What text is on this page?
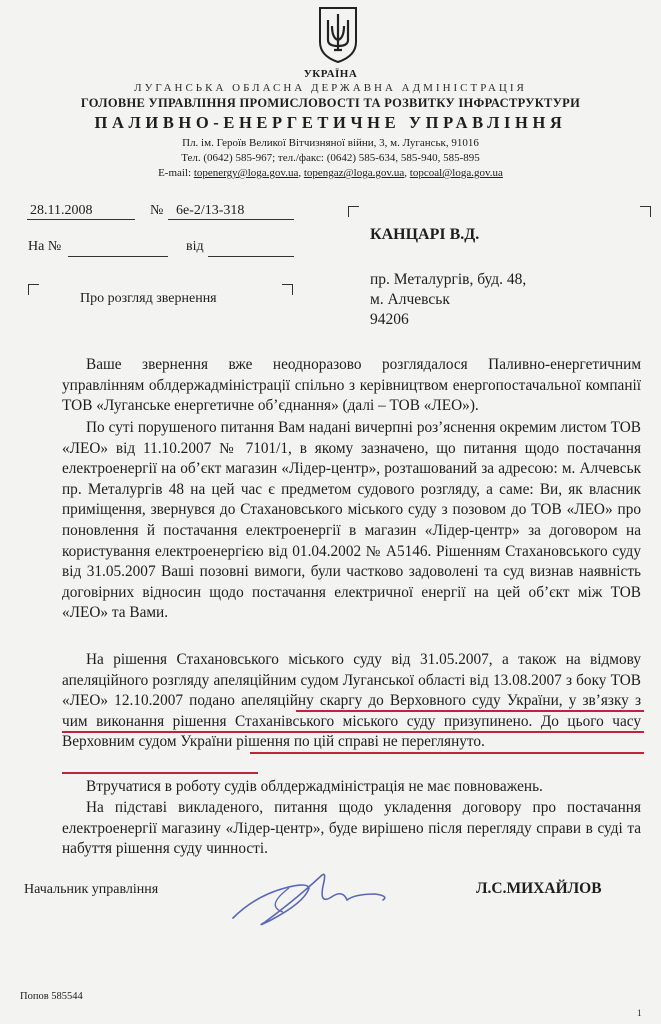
УКРАЇНА
ЛУГАНСЬКА ОБЛАСНА ДЕРЖАВНА АДМІНІСТРАЦІЯ
ГОЛОВНЕ УПРАВЛІННЯ ПРОМИСЛОВОСТІ ТА РОЗВИТКУ ІНФРАСТРУКТУРИ
ПАЛИВНО-ЕНЕРГЕТИЧНЕ УПРАВЛІННЯ
Пл. ім. Героїв Великої Вітчизняної війни, 3, м. Луганськ, 91016
Тел. (0642) 585-967; тел./факс: (0642) 585-634, 585-940, 585-895
E-mail: topenergy@loga.gov.ua, topengaz@loga.gov.ua, topcoal@loga.gov.ua
28.11.2008	№ 6е-2/13-318
На №	від
Про розгляд звернення
КАНЦАРІ В.Д.
пр. Металургів, буд. 48,
м. Алчевськ
94206
Ваше звернення вже неодноразово розглядалося Паливно-енергетичним управлінням облдержадміністрації спільно з керівництвом енергопостачальної компанії ТОВ «Луганське енергетичне об’єднання» (далі – ТОВ «ЛЕО»).
По суті порушеного питання Вам надані вичерпні роз’яснення окремим листом ТОВ «ЛЕО» від 11.10.2007 № 7101/1, в якому зазначено, що питання щодо постачання електроенергії на об’єкт магазин «Лідер-центр», розташований за адресою: м. Алчевськ пр. Металургів 48 на цей час є предметом судового розгляду, а саме: Ви, як власник приміщення, звернувся до Стахановського міського суду з позовом до ТОВ «ЛЕО» про поновлення й постачання електроенергії в магазин «Лідер-центр» за договором на користування електроенергією від 01.04.2002 № А5146. Рішенням Стахановського суду від 31.05.2007 Ваші позовні вимоги, були частково задоволені та суд визнав наявність договірних відносин щодо постачання електричної енергії на цей об’єкт між ТОВ «ЛЕО» та Вами.
На рішення Стахановського міського суду від 31.05.2007, а також на відмову апеляційного розгляду апеляційним судом Луганської області від 13.08.2007 з боку ТОВ «ЛЕО» 12.10.2007 подано апеляційну скаргу до Верховного суду України, у зв’язку з чим виконання рішення Стаханівського міського суду призупинено. До цього часу Верховним судом України рішення по цій справі не переглянуто.
Втручатися в роботу судів облдержадміністрація не має повноважень.
На підставі викладеного, питання щодо укладення договору про постачання електроенергії магазину «Лідер-центр», буде вирішено після перегляду справи в суді та набуття рішення суду чинності.
Начальник управління	Л.С.МИХАЙЛОВ
Попов 585544
1
